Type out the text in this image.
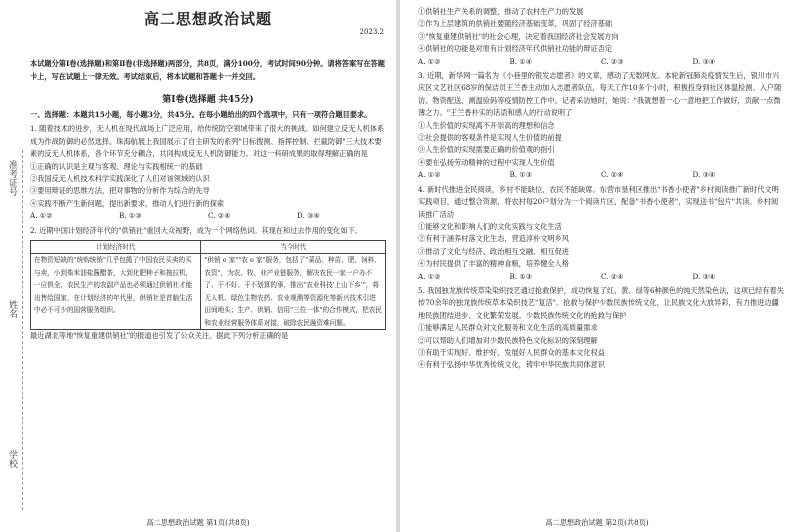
准考证号
姓名
学校
2023.2
高二思想政治试题
本试题分第Ⅰ卷(选择题)和第Ⅱ卷(非选择题)两部分，共8页，满分100分，考试时间90分钟。请将答案写在答题卡上，写在试题上一律无效。考试结束后，将本试题和答题卡一并交回。
第Ⅰ卷(选择题 共45分)

一、选择题：本题共15小题，每小题3分，共45分。在每小题给出的四个选项中，只有一项符合题目要求。

1. 随着技术的进步，无人机在现代战场上广泛应用，给传统防空领域带来了很大的挑战。如何建立反无人机体系成为作战防御的必然选择。珠海航展上我国展示了自主研发的系列"日标搜测、指挥控制、拦截防御"三大技术要素的反无人机体系，各个环节充分耦合，共同构成反无人机防御能力。对这一科研成果的取得理解正确的是

①正确的认识是主观与客观、理论与实践相统一的基础

②我国反无人机技术科学实践深化了人们对该领域的认识

③要用辩证的思维方法，把对事物的分析作为综合的先导

④实践不断产生新问题，提出新要求，推动人们进行新的探索

A. ①②	B. ①③	C. ②④	D. ③④

2. 近期中国计划经济年代的"供销社"重回大众视野，成为一个网络热词。其现在和过去作用的变化如下。

计划经济时代	当今时代
在物资短缺的"统购统销"几乎包揽了中国农民买卖的买与卖，小到柴米油盐酱醋茶，大到化肥种子和拖拉机，一应俱全，农民生产的农副产品也必须通过供销社才能出售给国家，在计划经济的年代里，供销社是首脑生活中必不可少的国营服务组织。	"供销 e 家""农 e 家"服务，包括了"菜品、种苗、肥、饲料、农资"，为农、牧、业产业链服务，解决农民一家一户办不了、干不好、干不划算的事，推出"农业科技'上山下乡'"，将无人机、绿色生物农药、农业观测等资源化等新兴技术引进田间地头；生产、供销、信用"三位一体"的合作模式，把农民和农业经营服务体系对接，破除农民融资难问题。

最近湖北等地"恢复重建供销社"的报道也引发了公众关注。据此下列分析正确的是

高二思想政治试题 第1页(共8页)

①供销社生产关系的调整，推动了农村生产力的发展

②作为上层建筑的供销社要随经济基础变革，巩固了经济基础

③"恢复重建供销社"的社会心理，决定着我国经济社会发展方向

④供销社的功能是对原有计划经济年代供销社功能的辩证否定

A. ①②	B. ①④	C. ②③	D. ③④

3. 近期，新华网一篇名为《小巷里的银发志愿者》的文章，感动了无数网友。本轮新冠肺炎疫情发生后，银川市兴庆区文艺社区68岁的保洁员王兰香主动加入志愿者队伍，每天工作10多个小时，积极投身到社区体温检测、入户随访、物资配送、测温验码等疫情防控工作中。记者采访她时，她说："我就想着一心一意地把工作做好，贡献一点微薄之力。"王兰香朴实的话语和感人的行动说明了

①人生价值的实现离不开崇高的理想和信念

②社会提供的客观条件是实现人生价值的前提

③人生价值的实现需要正确的价值观的指引

④要在弘扬劳动精神的过程中实现人生价值

A. ①②	B. ①③	C. ②④	D. ③④

4. 新时代推进全民阅读，乡村不能缺位，农民不能缺席。东营市垦利区推出"书香小使者"乡村阅读推广新时代文明实践项目，通过整合资源，将农村每20户划分为一个阅读片区，配备"书香小使者"，实现送书"包片"共读。乡村阅读推广活动

①能够文化和影响人们的文化实践与文化生活

②有利于涵养村落文化生态，营造淳朴文明乡风

③推动了文化与经济、政治相互交融、相互促进

④为村民提供了丰富的精神食粮，培养健全人格

A. ①②	B. ①③	C. ②④	D. ③④

5. 我国独龙族传统草染染织技艺通过抢救保护，成功恢复了红、黄、绿等6种颜色的纯天然染色法，这项已经有着失传70余年的独龙族传统草本染织技艺"复活"。抢救与保护少数民族传统文化，让民族文化大放异彩，有力推进边疆地民族团结进步、文化繁荣发展。少数民族传统文化的抢救与保护

①能够满足人民群众对文化服务和文化生活的高质量需求

②可以帮助人们增加对少数民族特色文化标识的深刻理解

③有助于实现好、维护好、发展好人民群众的基本文化权益

④有利于弘扬中华优秀传统文化，铸牢中华民族共同体意识

高二思想政治试题 第2页(共8页)
